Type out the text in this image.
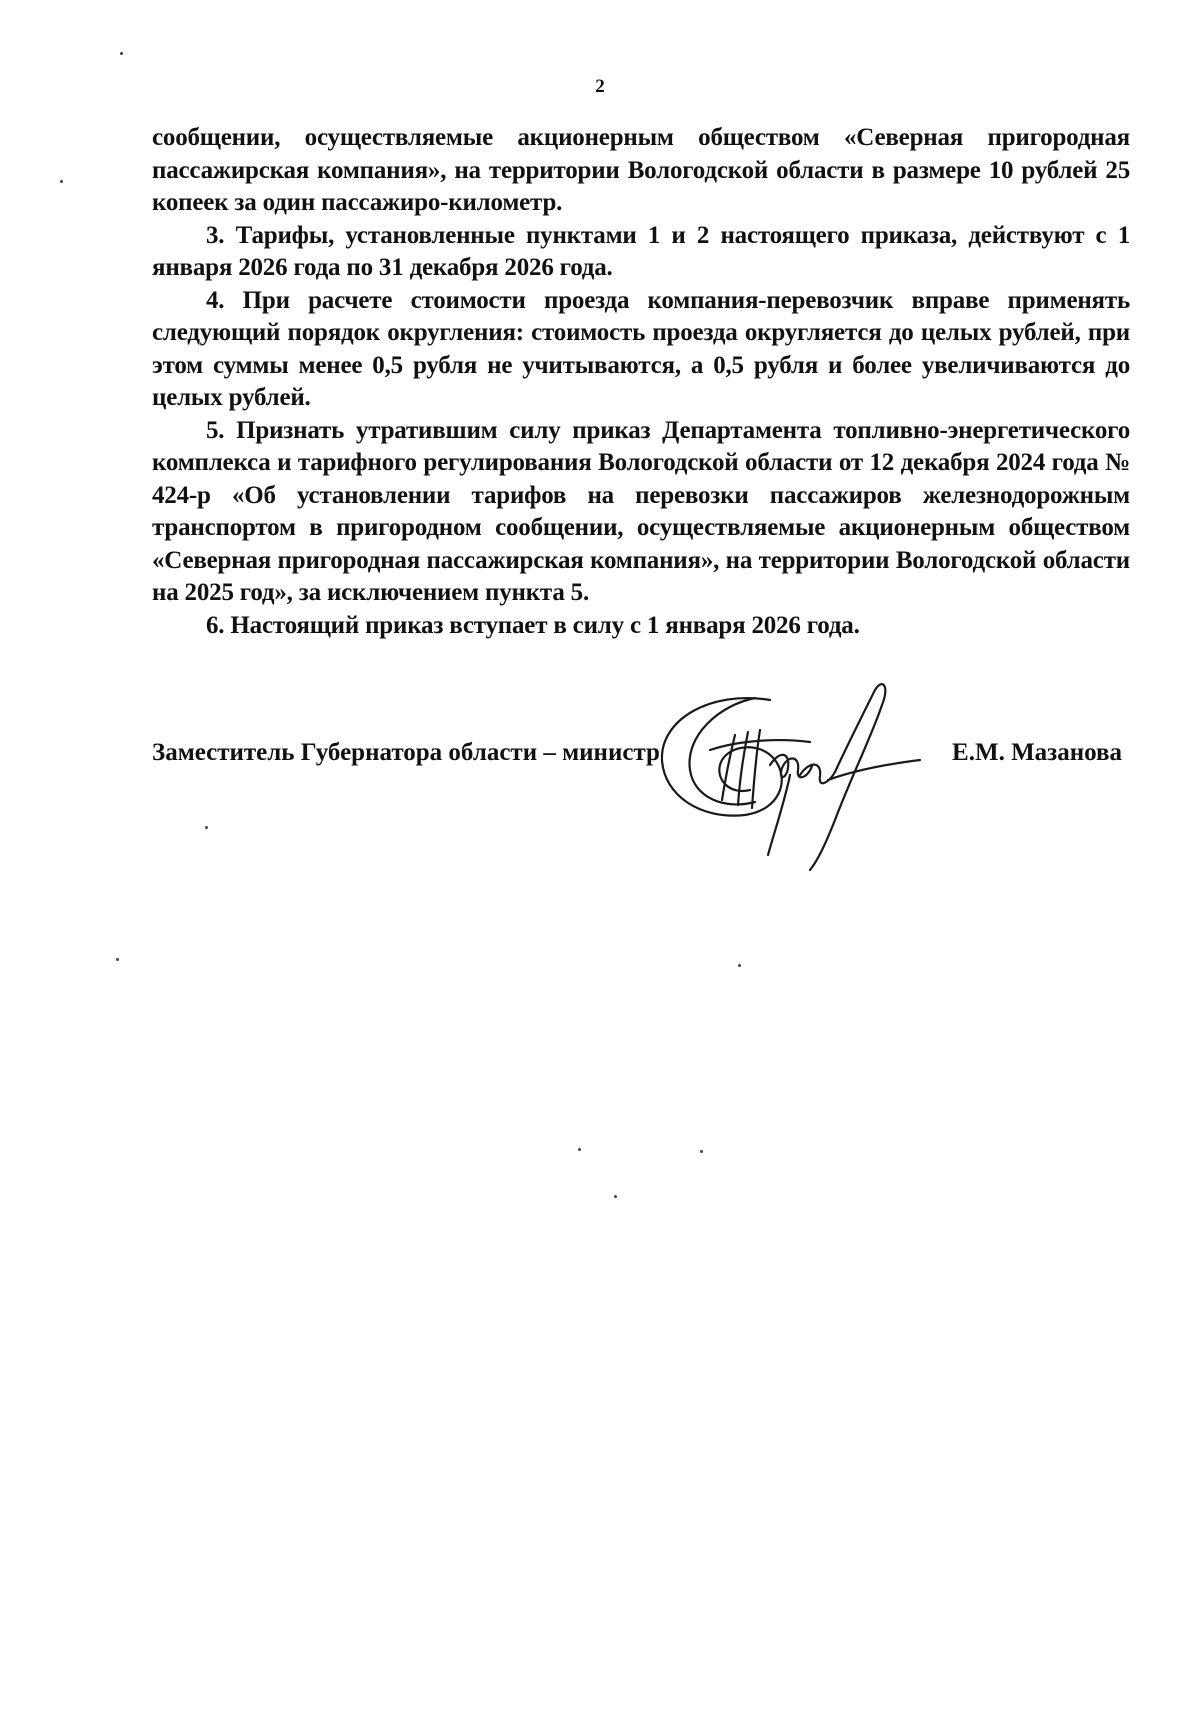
2

сообщении, осуществляемые акционерным обществом «Северная пригородная пассажирская компания», на территории Вологодской области в размере 10 рублей 25 копеек за один пассажиро-километр.

3. Тарифы, установленные пунктами 1 и 2 настоящего приказа, действуют с 1 января 2026 года по 31 декабря 2026 года.

4. При расчете стоимости проезда компания-перевозчик вправе применять следующий порядок округления: стоимость проезда округляется до целых рублей, при этом суммы менее 0,5 рубля не учитываются, а 0,5 рубля и более увеличиваются до целых рублей.

5. Признать утратившим силу приказ Департамента топливно-энергетического комплекса и тарифного регулирования Вологодской области от 12 декабря 2024 года № 424-р «Об установлении тарифов на перевозки пассажиров железнодорожным транспортом в пригородном сообщении, осуществляемые акционерным обществом «Северная пригородная пассажирская компания», на территории Вологодской области на 2025 год», за исключением пункта 5.

6. Настоящий приказ вступает в силу с 1 января 2026 года.

Заместитель Губернатора области – министр	Е.М. Мазанова
